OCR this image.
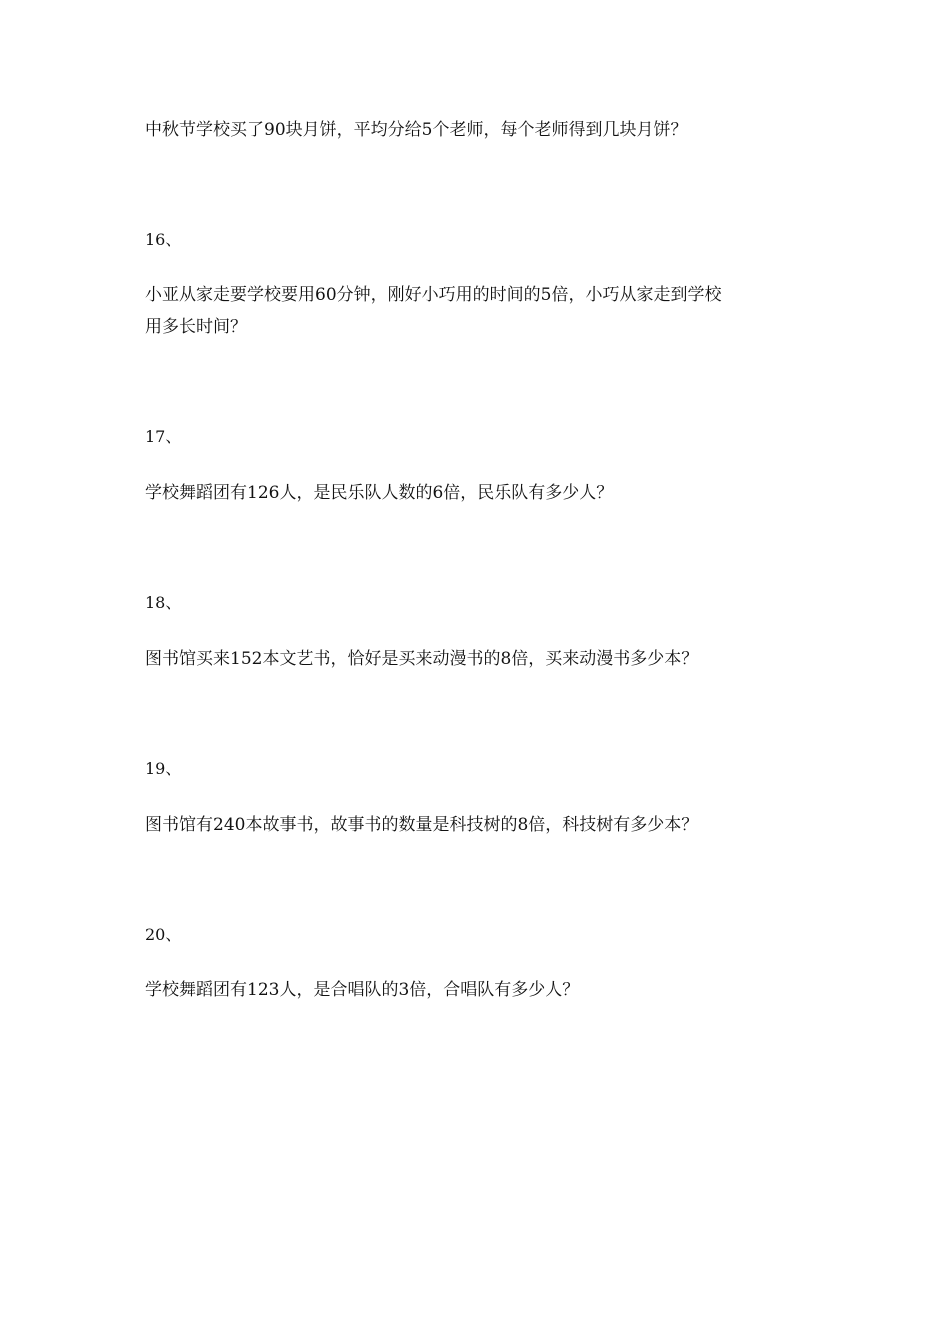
中秋节学校买了90块月饼，平均分给5个老师，每个老师得到几块月饼？

16、

小亚从家走要学校要用60分钟，刚好小巧用的时间的5倍，小巧从家走到学校

用多长时间？

17、

学校舞蹈团有126人，是民乐队人数的6倍，民乐队有多少人？

18、

图书馆买来152本文艺书，恰好是买来动漫书的8倍，买来动漫书多少本？

19、

图书馆有240本故事书，故事书的数量是科技树的8倍，科技树有多少本？

20、

学校舞蹈团有123人，是合唱队的3倍，合唱队有多少人？
